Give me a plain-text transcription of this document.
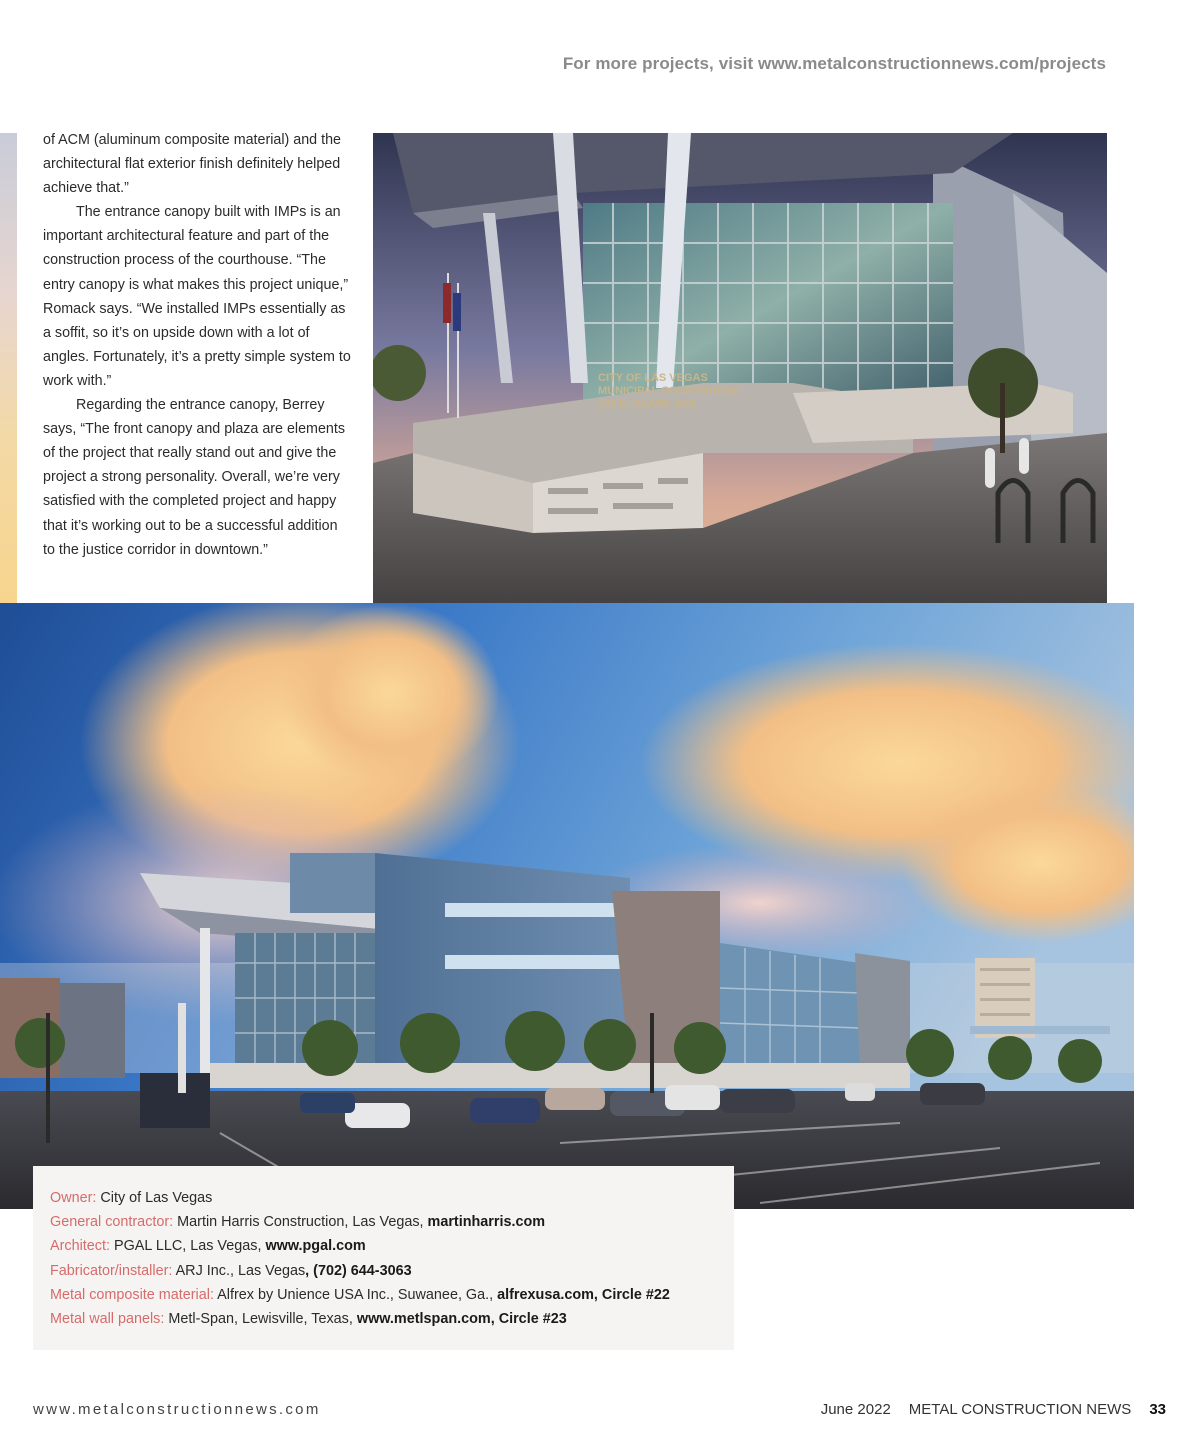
For more projects, visit www.metalconstructionnews.com/projects

of ACM (aluminum composite material) and the architectural flat exterior finish definitely helped achieve that.”

The entrance canopy built with IMPs is an important architectural feature and part of the construction process of the courthouse. “The entry canopy is what makes this project unique,” Romack says. “We installed IMPs essentially as a soffit, so it’s on upside down with a lot of angles. Fortunately, it’s a pretty simple system to work with.”

Regarding the entrance canopy, Berrey says, “The front canopy and plaza are elements of the project that really stand out and give the project a strong personality. Overall, we’re very satisfied with the completed project and happy that it’s working out to be a successful addition to the justice corridor in downtown.”

CITY OF LAS VEGAS
MUNICIPAL COURTHOUSE
100 E. CLARK AVE
Owner: City of Las Vegas
General contractor: Martin Harris Construction, Las Vegas, martinharris.com
Architect: PGAL LLC, Las Vegas, www.pgal.com
Fabricator/installer: ARJ Inc., Las Vegas, (702) 644-3063
Metal composite material: Alfrex by Unience USA Inc., Suwanee, Ga., alfrexusa.com, Circle #22
Metal wall panels: Metl-Span, Lewisville, Texas, www.metlspan.com, Circle #23
www.metalconstructionnews.com	June 2022 METAL CONSTRUCTION NEWS 33
